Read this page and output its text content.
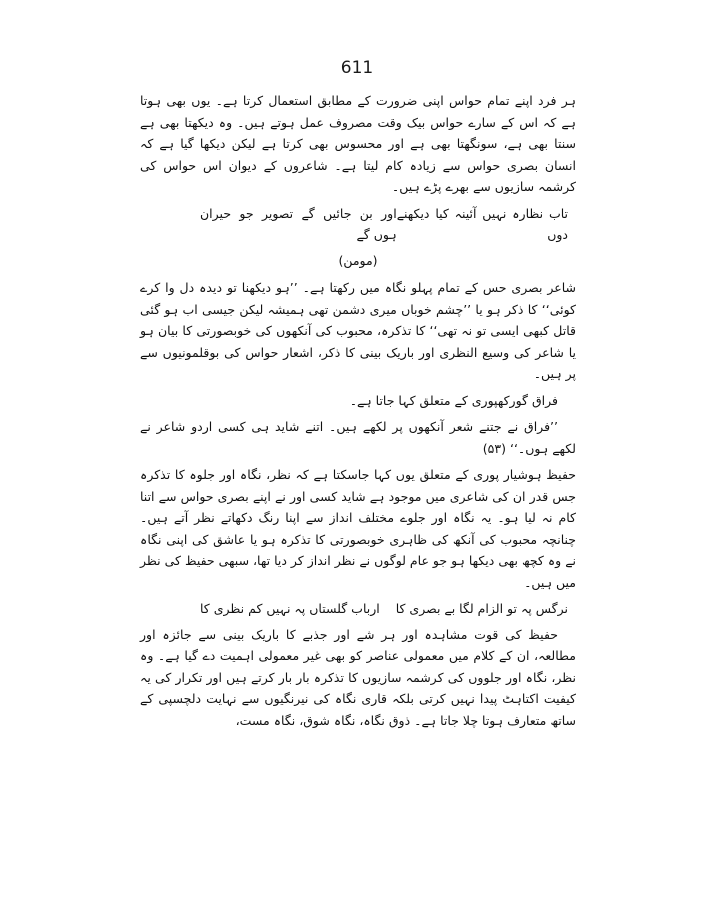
611

ہر فرد اپنے تمام حواس اپنی ضرورت کے مطابق استعمال کرتا ہے۔ یوں بھی ہوتا ہے کہ اس کے سارے حواس بیک وقت مصروف عمل ہوتے ہیں۔ وہ دیکھتا بھی ہے سنتا بھی ہے، سونگھتا بھی ہے اور محسوس بھی کرتا ہے لیکن دیکھا گیا ہے کہ انسان بصری حواس سے زیادہ کام لیتا ہے۔ شاعروں کے دیوان اس حواس کی کرشمہ سازیوں سے بھرے پڑے ہیں۔

تاب نظارہ نہیں آئینہ کیا دیکھنے دوں
اور بن جائیں گے تصویر جو حیران ہوں گے

(مومن)

شاعر بصری حس کے تمام پہلو نگاہ میں رکھتا ہے۔ ’’ہو دیکھنا تو دیدہ دل وا کرے کوئی‘‘ کا ذکر ہو یا ’’چشم خوباں میری دشمن تھی ہمیشہ لیکن جیسی اب ہو گئی قاتل کبھی ایسی تو نہ تھی‘‘ کا تذکرہ، محبوب کی آنکھوں کی خوبصورتی کا بیان ہو یا شاعر کی وسیع النظری اور باریک بینی کا ذکر، اشعار حواس کی بوقلمونیوں سے پر ہیں۔

فراق گورکھپوری کے متعلق کہا جاتا ہے۔

’’فراق نے جتنے شعر آنکھوں پر لکھے ہیں۔ اتنے شاید ہی کسی اردو شاعر نے لکھے ہوں۔‘‘ (۵۳)

حفیظ ہوشیار پوری کے متعلق یوں کہا جاسکتا ہے کہ نظر، نگاہ اور جلوہ کا تذکرہ جس قدر ان کی شاعری میں موجود ہے شاید کسی اور نے اپنے بصری حواس سے اتنا کام نہ لیا ہو۔ یہ نگاہ اور جلوے مختلف انداز سے اپنا رنگ دکھاتے نظر آتے ہیں۔ چنانچہ محبوب کی آنکھ کی ظاہری خوبصورتی کا تذکرہ ہو یا عاشق کی اپنی نگاہ نے وہ کچھ بھی دیکھا ہو جو عام لوگوں نے نظر انداز کر دیا تھا، سبھی حفیظ کی نظر میں ہیں۔

نرگس پہ تو الزام لگا بے بصری کا
ارباب گلستاں پہ نہیں کم نظری کا

حفیظ کی قوت مشاہدہ اور ہر شے اور جذبے کا باریک بینی سے جائزہ اور مطالعہ، ان کے کلام میں معمولی عناصر کو بھی غیر معمولی اہمیت دے گیا ہے۔ وہ نظر، نگاہ اور جلووں کی کرشمہ سازیوں کا تذکرہ بار بار کرتے ہیں اور تکرار کی یہ کیفیت اکتاہٹ پیدا نہیں کرتی بلکہ قاری نگاہ کی نیرنگیوں سے نہایت دلچسپی کے ساتھ متعارف ہوتا چلا جاتا ہے۔ ذوق نگاہ، نگاہ شوق، نگاہ مست،
